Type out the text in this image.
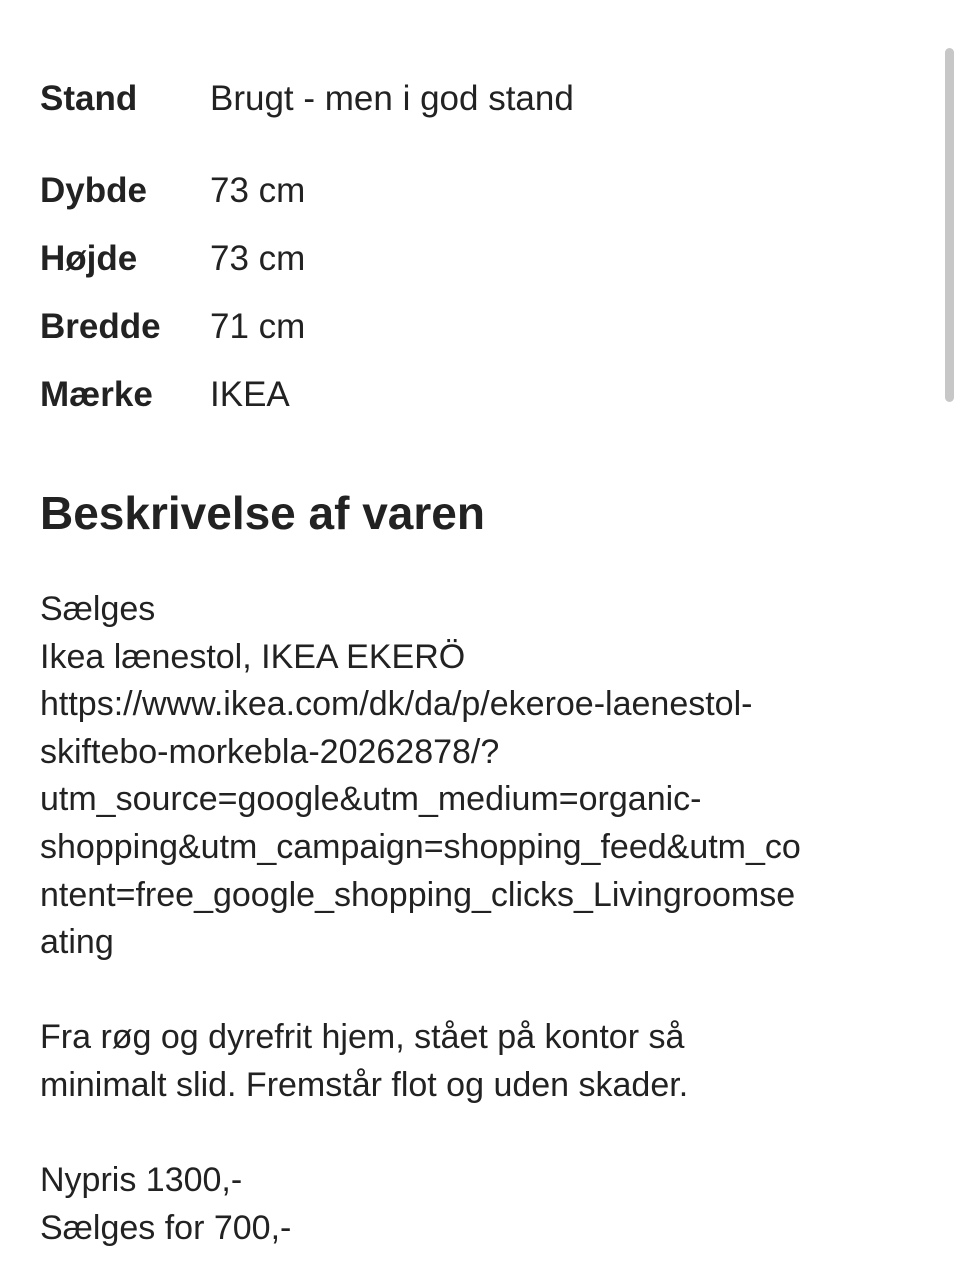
Stand Brugt - men i god stand
Dybde 73 cm
Højde 73 cm
Bredde 71 cm
Mærke IKEA
Beskrivelse af varen
Sælges
Ikea lænestol, IKEA EKERÖ
https://www.ikea.com/dk/da/p/ekeroe-laenestol-
skiftebo-morkebla-20262878/?
utm_source=google&utm_medium=organic-
shopping&utm_campaign=shopping_feed&utm_co
ntent=free_google_shopping_clicks_Livingroomse
ating
Fra røg og dyrefrit hjem, stået på kontor så
minimalt slid. Fremstår flot og uden skader.
Nypris 1300,-
Sælges for 700,-
